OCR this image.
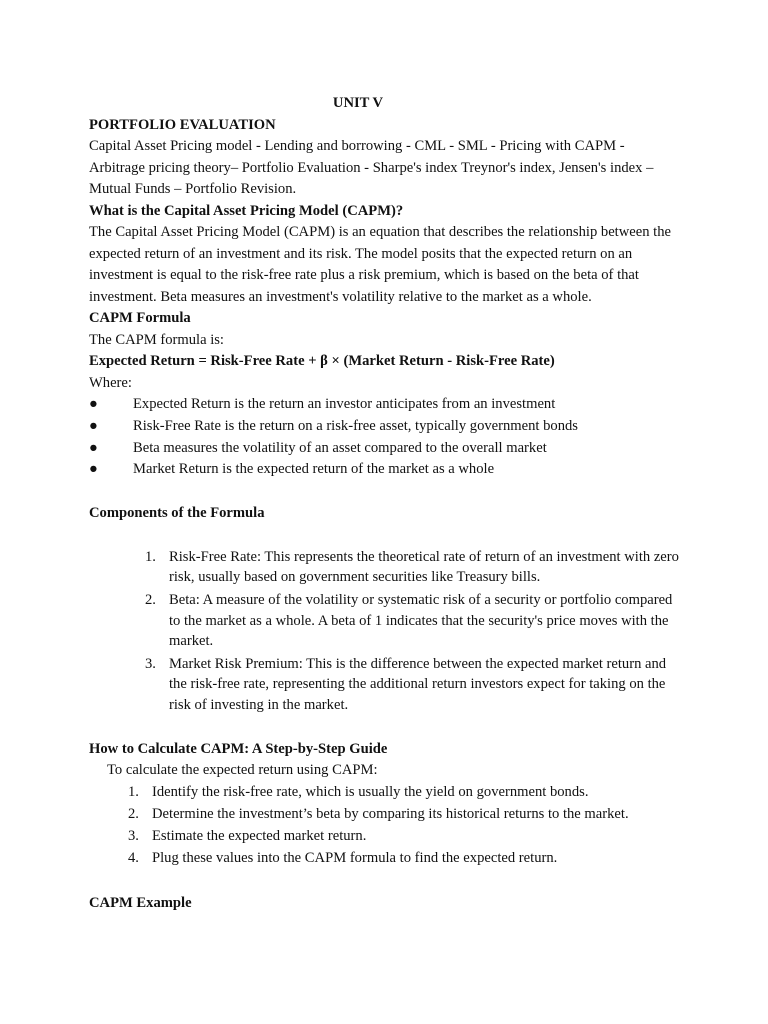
UNIT V
PORTFOLIO EVALUATION
Capital Asset Pricing model - Lending and borrowing - CML - SML - Pricing with CAPM - Arbitrage pricing theory– Portfolio Evaluation - Sharpe's index Treynor's index, Jensen's index – Mutual Funds – Portfolio Revision.
What is the Capital Asset Pricing Model (CAPM)?
The Capital Asset Pricing Model (CAPM) is an equation that describes the relationship between the expected return of an investment and its risk. The model posits that the expected return on an investment is equal to the risk-free rate plus a risk premium, which is based on the beta of that investment. Beta measures an investment's volatility relative to the market as a whole.
CAPM Formula
The CAPM formula is:
Expected Return = Risk-Free Rate + β × (Market Return - Risk-Free Rate)
Where:
● Expected Return is the return an investor anticipates from an investment
● Risk-Free Rate is the return on a risk-free asset, typically government bonds
● Beta measures the volatility of an asset compared to the overall market
● Market Return is the expected return of the market as a whole
Components of the Formula
1. Risk-Free Rate: This represents the theoretical rate of return of an investment with zero risk, usually based on government securities like Treasury bills.
2. Beta: A measure of the volatility or systematic risk of a security or portfolio compared to the market as a whole. A beta of 1 indicates that the security's price moves with the market.
3. Market Risk Premium: This is the difference between the expected market return and the risk-free rate, representing the additional return investors expect for taking on the risk of investing in the market.
How to Calculate CAPM: A Step-by-Step Guide
To calculate the expected return using CAPM:
1. Identify the risk-free rate, which is usually the yield on government bonds.
2. Determine the investment’s beta by comparing its historical returns to the market.
3. Estimate the expected market return.
4. Plug these values into the CAPM formula to find the expected return.
CAPM Example
